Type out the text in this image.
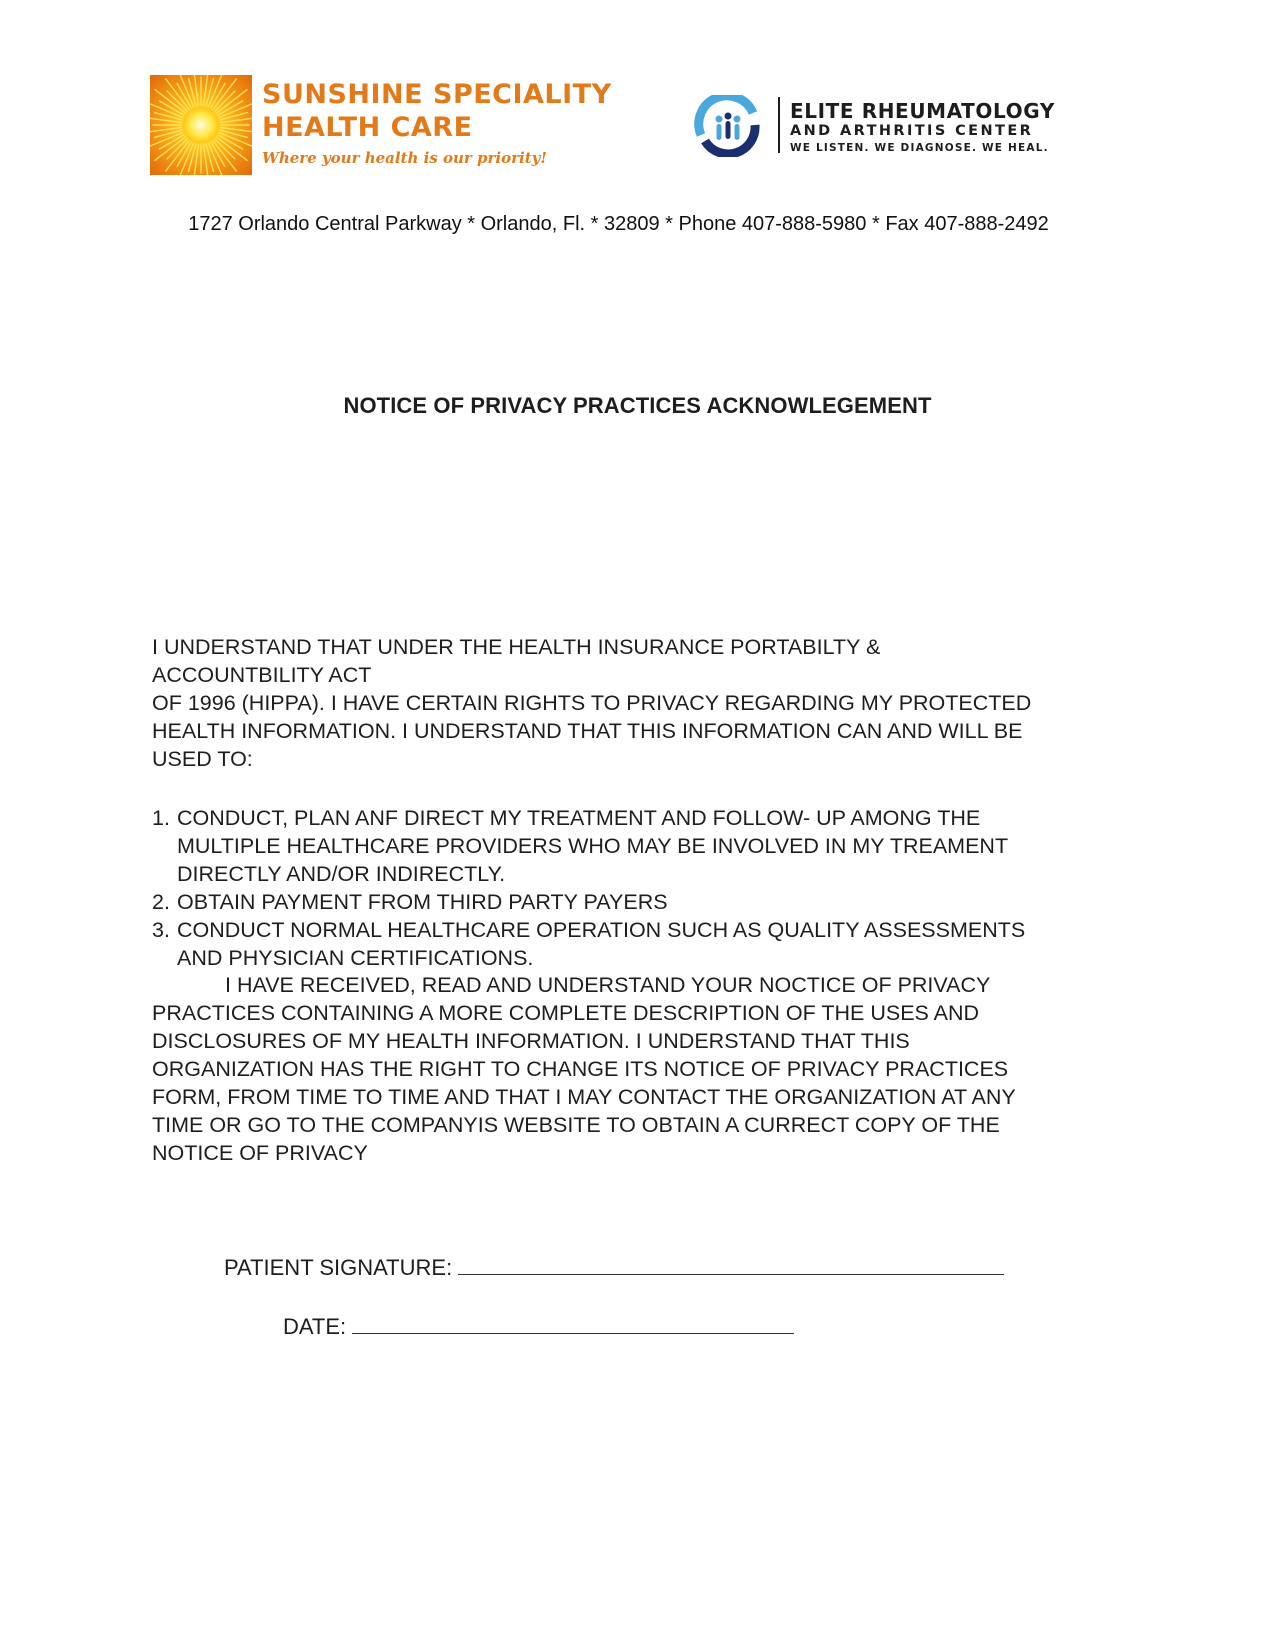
SUNSHINE SPECIALITY
HEALTH CARE
Where your health is our priority!
ELITE RHEUMATOLOGY
AND ARTHRITIS CENTER
WE LISTEN. WE DIAGNOSE. WE HEAL.
1727 Orlando Central Parkway * Orlando, Fl. * 32809 * Phone 407-888-5980 * Fax 407-888-2492
NOTICE OF PRIVACY PRACTICES ACKNOWLEGEMENT
I UNDERSTAND THAT UNDER THE HEALTH INSURANCE PORTABILTY &
ACCOUNTBILITY ACT
OF 1996 (HIPPA). I HAVE CERTAIN RIGHTS TO PRIVACY REGARDING MY PROTECTED
HEALTH INFORMATION. I UNDERSTAND THAT THIS INFORMATION CAN AND WILL BE
USED TO:
1. CONDUCT, PLAN ANF DIRECT MY TREATMENT AND FOLLOW- UP AMONG THE
MULTIPLE HEALTHCARE PROVIDERS WHO MAY BE INVOLVED IN MY TREAMENT
DIRECTLY AND/OR INDIRECTLY.
2. OBTAIN PAYMENT FROM THIRD PARTY PAYERS
3. CONDUCT NORMAL HEALTHCARE OPERATION SUCH AS QUALITY ASSESSMENTS
AND PHYSICIAN CERTIFICATIONS.
I HAVE RECEIVED, READ AND UNDERSTAND YOUR NOCTICE OF PRIVACY
PRACTICES CONTAINING A MORE COMPLETE DESCRIPTION OF THE USES AND
DISCLOSURES OF MY HEALTH INFORMATION. I UNDERSTAND THAT THIS
ORGANIZATION HAS THE RIGHT TO CHANGE ITS NOTICE OF PRIVACY PRACTICES
FORM, FROM TIME TO TIME AND THAT I MAY CONTACT THE ORGANIZATION AT ANY
TIME OR GO TO THE COMPANYIS WEBSITE TO OBTAIN A CURRECT COPY OF THE
NOTICE OF PRIVACY
PATIENT SIGNATURE:
DATE:
